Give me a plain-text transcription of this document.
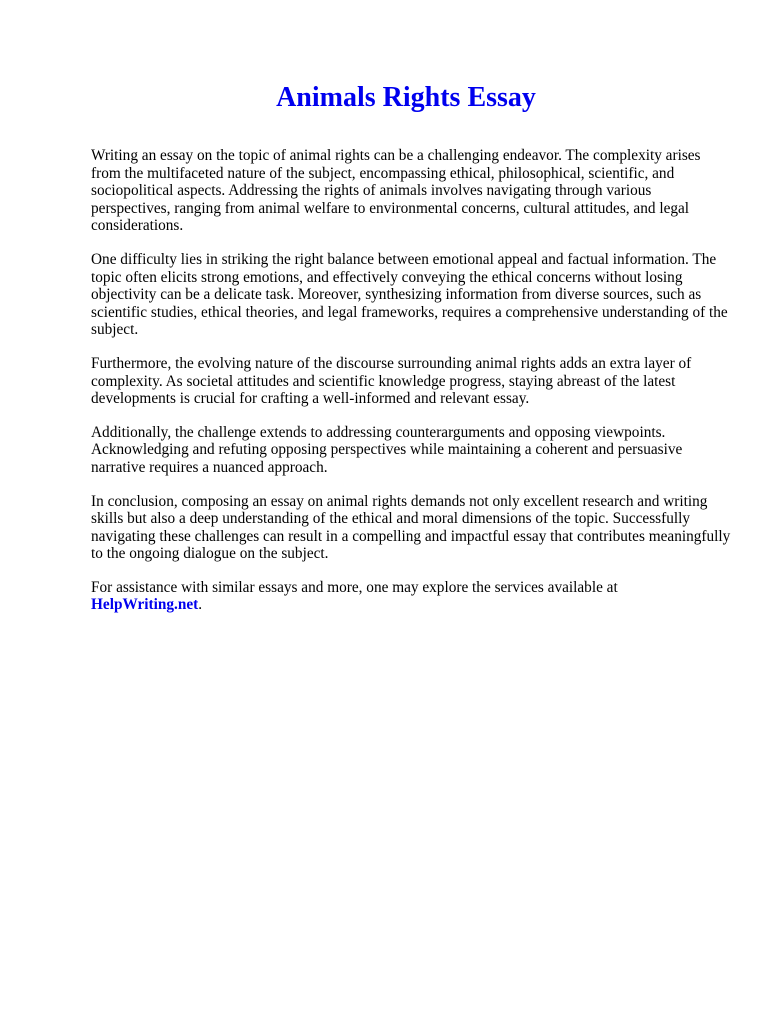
Animals Rights Essay

Writing an essay on the topic of animal rights can be a challenging endeavor. The complexity arises from the multifaceted nature of the subject, encompassing ethical, philosophical, scientific, and sociopolitical aspects. Addressing the rights of animals involves navigating through various perspectives, ranging from animal welfare to environmental concerns, cultural attitudes, and legal considerations.

One difficulty lies in striking the right balance between emotional appeal and factual information. The topic often elicits strong emotions, and effectively conveying the ethical concerns without losing objectivity can be a delicate task. Moreover, synthesizing information from diverse sources, such as scientific studies, ethical theories, and legal frameworks, requires a comprehensive understanding of the subject.

Furthermore, the evolving nature of the discourse surrounding animal rights adds an extra layer of complexity. As societal attitudes and scientific knowledge progress, staying abreast of the latest developments is crucial for crafting a well-informed and relevant essay.

Additionally, the challenge extends to addressing counterarguments and opposing viewpoints. Acknowledging and refuting opposing perspectives while maintaining a coherent and persuasive narrative requires a nuanced approach.

In conclusion, composing an essay on animal rights demands not only excellent research and writing skills but also a deep understanding of the ethical and moral dimensions of the topic. Successfully navigating these challenges can result in a compelling and impactful essay that contributes meaningfully to the ongoing dialogue on the subject.

For assistance with similar essays and more, one may explore the services available at
HelpWriting.net.
